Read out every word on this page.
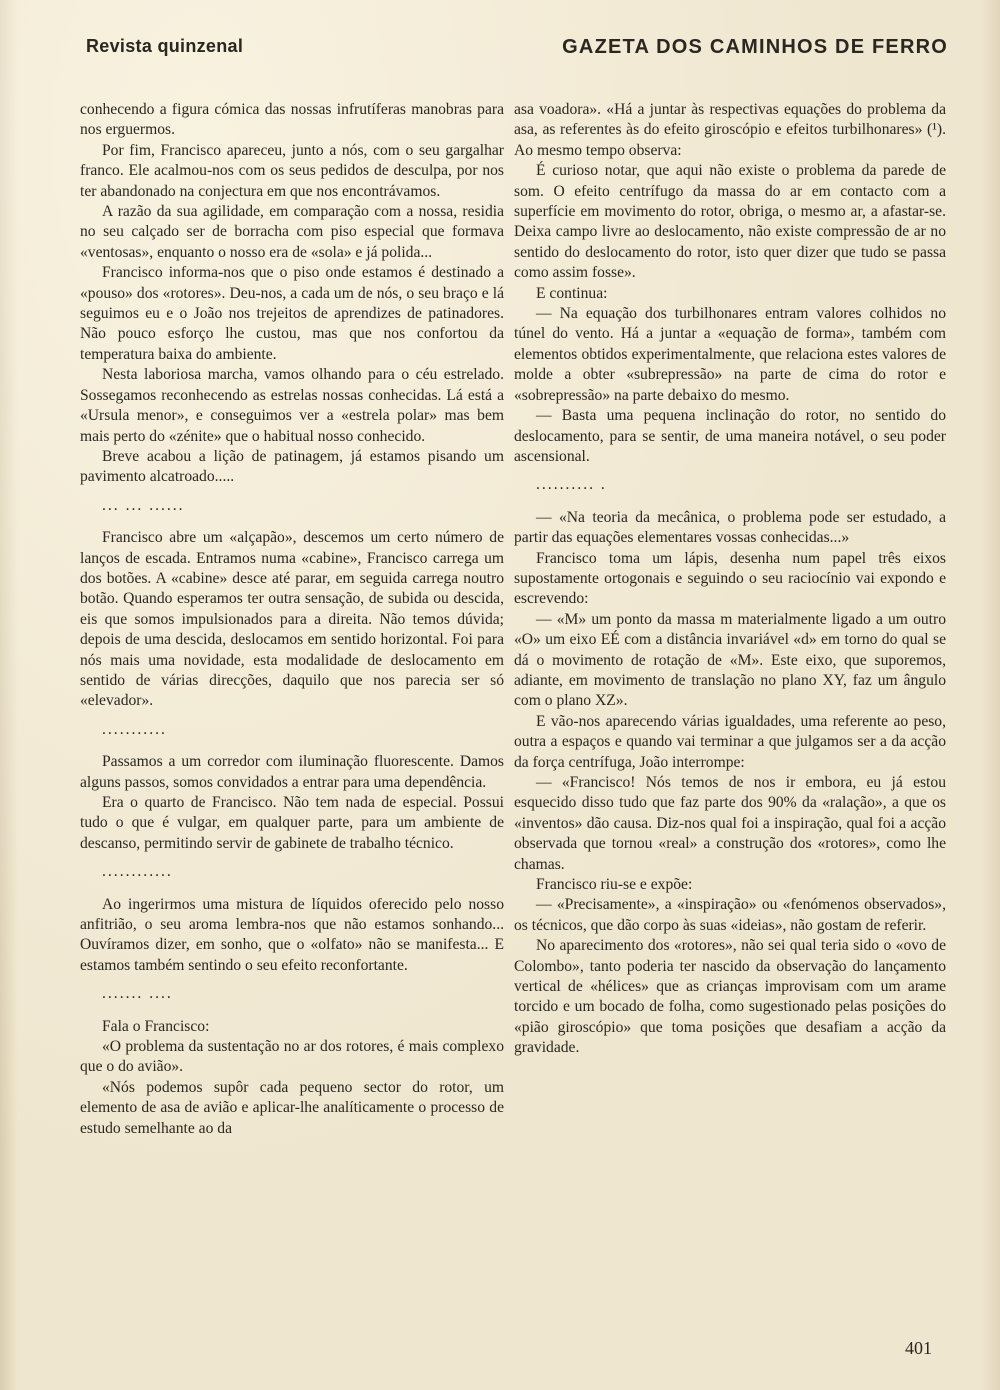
Revista quinzenal	GAZETA DOS CAMINHOS DE FERRO

conhecendo a figura cómica das nossas infrutíferas manobras para nos erguermos.

Por fim, Francisco apareceu, junto a nós, com o seu gargalhar franco. Ele acalmou-nos com os seus pedidos de desculpa, por nos ter abandonado na conjectura em que nos encontrávamos.

A razão da sua agilidade, em comparação com a nossa, residia no seu calçado ser de borracha com piso especial que formava «ventosas», enquanto o nosso era de «sola» e já polida...

Francisco informa-nos que o piso onde estamos é destinado a «pouso» dos «rotores». Deu-nos, a cada um de nós, o seu braço e lá seguimos eu e o João nos trejeitos de aprendizes de patinadores. Não pouco esforço lhe custou, mas que nos confortou da temperatura baixa do ambiente.

Nesta laboriosa marcha, vamos olhando para o céu estrelado. Sossegamos reconhecendo as estrelas nossas conhecidas. Lá está a «Ursula menor», e conseguimos ver a «estrela polar» mas bem mais perto do «zénite» que o habitual nosso conhecido.

Breve acabou a lição de patinagem, já estamos pisando um pavimento alcatroado.....

... ... ......

Francisco abre um «alçapão», descemos um certo número de lanços de escada. Entramos numa «cabine», Francisco carrega um dos botões. A «cabine» desce até parar, em seguida carrega noutro botão. Quando esperamos ter outra sensação, de subida ou descida, eis que somos impulsionados para a direita. Não temos dúvida; depois de uma descida, deslocamos em sentido horizontal. Foi para nós mais uma novidade, esta modalidade de deslocamento em sentido de várias direcções, daquilo que nos parecia ser só «elevador».

...........

Passamos a um corredor com iluminação fluorescente. Damos alguns passos, somos convidados a entrar para uma dependência.

Era o quarto de Francisco. Não tem nada de especial. Possui tudo o que é vulgar, em qualquer parte, para um ambiente de descanso, permitindo servir de gabinete de trabalho técnico.

............

Ao ingerirmos uma mistura de líquidos oferecido pelo nosso anfitrião, o seu aroma lembra-nos que não estamos sonhando... Ouvíramos dizer, em sonho, que o «olfato» não se manifesta... E estamos também sentindo o seu efeito reconfortante.

....... ....

Fala o Francisco:

«O problema da sustentação no ar dos rotores, é mais complexo que o do avião».

«Nós podemos supôr cada pequeno sector do rotor, um elemento de asa de avião e aplicar-lhe analíticamente o processo de estudo semelhante ao da

asa voadora». «Há a juntar às respectivas equações do problema da asa, as referentes às do efeito giroscópio e efeitos turbilhonares» (¹). Ao mesmo tempo observa:

É curioso notar, que aqui não existe o problema da parede de som. O efeito centrífugo da massa do ar em contacto com a superfície em movimento do rotor, obriga, o mesmo ar, a afastar-se. Deixa campo livre ao deslocamento, não existe compressão de ar no sentido do deslocamento do rotor, isto quer dizer que tudo se passa como assim fosse».

E continua:

— Na equação dos turbilhonares entram valores colhidos no túnel do vento. Há a juntar a «equação de forma», também com elementos obtidos experimentalmente, que relaciona estes valores de molde a obter «subrepressão» na parte de cima do rotor e «sobrepressão» na parte debaixo do mesmo.

— Basta uma pequena inclinação do rotor, no sentido do deslocamento, para se sentir, de uma maneira notável, o seu poder ascensional.

.......... .

— «Na teoria da mecânica, o problema pode ser estudado, a partir das equações elementares vossas conhecidas...»

Francisco toma um lápis, desenha num papel três eixos supostamente ortogonais e seguindo o seu raciocínio vai expondo e escrevendo:

— «M» um ponto da massa m materialmente ligado a um outro «O» um eixo EÉ com a distância invariável «d» em torno do qual se dá o movimento de rotação de «M». Este eixo, que suporemos, adiante, em movimento de translação no plano XY, faz um ângulo com o plano XZ».

E vão-nos aparecendo várias igualdades, uma referente ao peso, outra a espaços e quando vai terminar a que julgamos ser a da acção da força centrífuga, João interrompe:

— «Francisco! Nós temos de nos ir embora, eu já estou esquecido disso tudo que faz parte dos 90% da «ralação», a que os «inventos» dão causa. Diz-nos qual foi a inspiração, qual foi a acção observada que tornou «real» a construção dos «rotores», como lhe chamas.

Francisco riu-se e expõe:

— «Precisamente», a «inspiração» ou «fenómenos observados», os técnicos, que dão corpo às suas «ideias», não gostam de referir.

No aparecimento dos «rotores», não sei qual teria sido o «ovo de Colombo», tanto poderia ter nascido da observação do lançamento vertical de «hélices» que as crianças improvisam com um arame torcido e um bocado de folha, como sugestionado pelas posições do «pião giroscópio» que toma posições que desafiam a acção da gravidade.

401
